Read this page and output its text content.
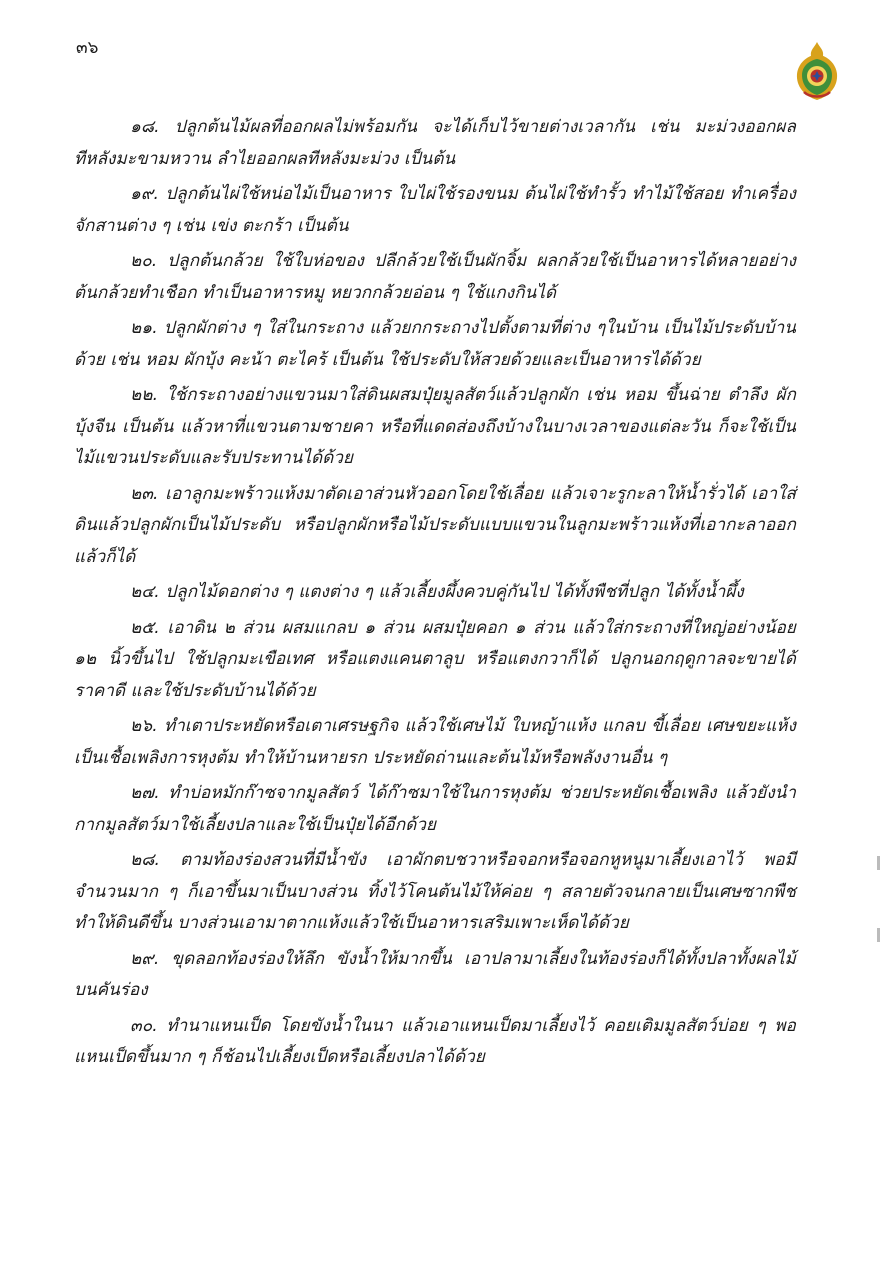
๓๖

๑๘. ปลูกต้นไม้ผลที่ออกผลไม่พร้อมกัน จะได้เก็บไว้ขายต่างเวลากัน เช่น มะม่วงออกผลทีหลังมะขามหวาน ลำไยออกผลทีหลังมะม่วง เป็นต้น

๑๙. ปลูกต้นไผ่ใช้หน่อไม้เป็นอาหาร ใบไผ่ใช้รองขนม ต้นไผ่ใช้ทำรั้ว ทำไม้ใช้สอย ทำเครื่องจักสานต่าง ๆ เช่น เข่ง ตะกร้า เป็นต้น

๒๐. ปลูกต้นกล้วย ใช้ใบห่อของ ปลีกล้วยใช้เป็นผักจิ้ม ผลกล้วยใช้เป็นอาหารได้หลายอย่าง ต้นกล้วยทำเชือก ทำเป็นอาหารหมู หยวกกล้วยอ่อน ๆ ใช้แกงกินได้

๒๑. ปลูกผักต่าง ๆ ใส่ในกระถาง แล้วยกกระถางไปตั้งตามที่ต่าง ๆในบ้าน เป็นไม้ประดับบ้านด้วย เช่น หอม ผักบุ้ง คะน้า ตะไคร้ เป็นต้น ใช้ประดับให้สวยด้วยและเป็นอาหารได้ด้วย

๒๒. ใช้กระถางอย่างแขวนมาใส่ดินผสมปุ๋ยมูลสัตว์แล้วปลูกผัก เช่น หอม ขึ้นฉ่าย ตำลึง ผักบุ้งจีน เป็นต้น แล้วหาที่แขวนตามชายคา หรือที่แดดส่องถึงบ้างในบางเวลาของแต่ละวัน ก็จะใช้เป็นไม้แขวนประดับและรับประทานได้ด้วย

๒๓. เอาลูกมะพร้าวแห้งมาตัดเอาส่วนหัวออกโดยใช้เลื่อย แล้วเจาะรูกะลาให้น้ำรั่วได้ เอาใส่ดินแล้วปลูกผักเป็นไม้ประดับ หรือปลูกผักหรือไม้ประดับแบบแขวนในลูกมะพร้าวแห้งที่เอากะลาออกแล้วก็ได้

๒๔. ปลูกไม้ดอกต่าง ๆ แตงต่าง ๆ แล้วเลี้ยงผึ้งควบคู่กันไป ได้ทั้งพืชที่ปลูก ได้ทั้งน้ำผึ้ง

๒๕. เอาดิน ๒ ส่วน ผสมแกลบ ๑ ส่วน ผสมปุ๋ยคอก ๑ ส่วน แล้วใส่กระถางที่ใหญ่อย่างน้อย ๑๒ นิ้วขึ้นไป ใช้ปลูกมะเขือเทศ หรือแตงแคนตาลูบ หรือแตงกวาก็ได้ ปลูกนอกฤดูกาลจะขายได้ราคาดี และใช้ประดับบ้านได้ด้วย

๒๖. ทำเตาประหยัดหรือเตาเศรษฐกิจ แล้วใช้เศษไม้ ใบหญ้าแห้ง แกลบ ขี้เลื่อย เศษขยะแห้ง เป็นเชื้อเพลิงการหุงต้ม ทำให้บ้านหายรก ประหยัดถ่านและต้นไม้หรือพลังงานอื่น ๆ

๒๗. ทำบ่อหมักก๊าซจากมูลสัตว์ ได้ก๊าซมาใช้ในการหุงต้ม ช่วยประหยัดเชื้อเพลิง แล้วยังนำกากมูลสัตว์มาใช้เลี้ยงปลาและใช้เป็นปุ๋ยได้อีกด้วย

๒๘. ตามท้องร่องสวนที่มีน้ำขัง เอาผักตบชวาหรือจอกหรือจอกหูหนูมาเลี้ยงเอาไว้ พอมีจำนวนมาก ๆ ก็เอาขึ้นมาเป็นบางส่วน ทิ้งไว้โคนต้นไม้ให้ค่อย ๆ สลายตัวจนกลายเป็นเศษซากพืชทำให้ดินดีขึ้น บางส่วนเอามาตากแห้งแล้วใช้เป็นอาหารเสริมเพาะเห็ดได้ด้วย

๒๙. ขุดลอกท้องร่องให้ลึก ขังน้ำให้มากขึ้น เอาปลามาเลี้ยงในท้องร่องก็ได้ทั้งปลาทั้งผลไม้บนคันร่อง

๓๐. ทำนาแหนเป็ด โดยขังน้ำในนา แล้วเอาแหนเป็ดมาเลี้ยงไว้ คอยเติมมูลสัตว์บ่อย ๆ พอแหนเป็ดขึ้นมาก ๆ ก็ช้อนไปเลี้ยงเป็ดหรือเลี้ยงปลาได้ด้วย
